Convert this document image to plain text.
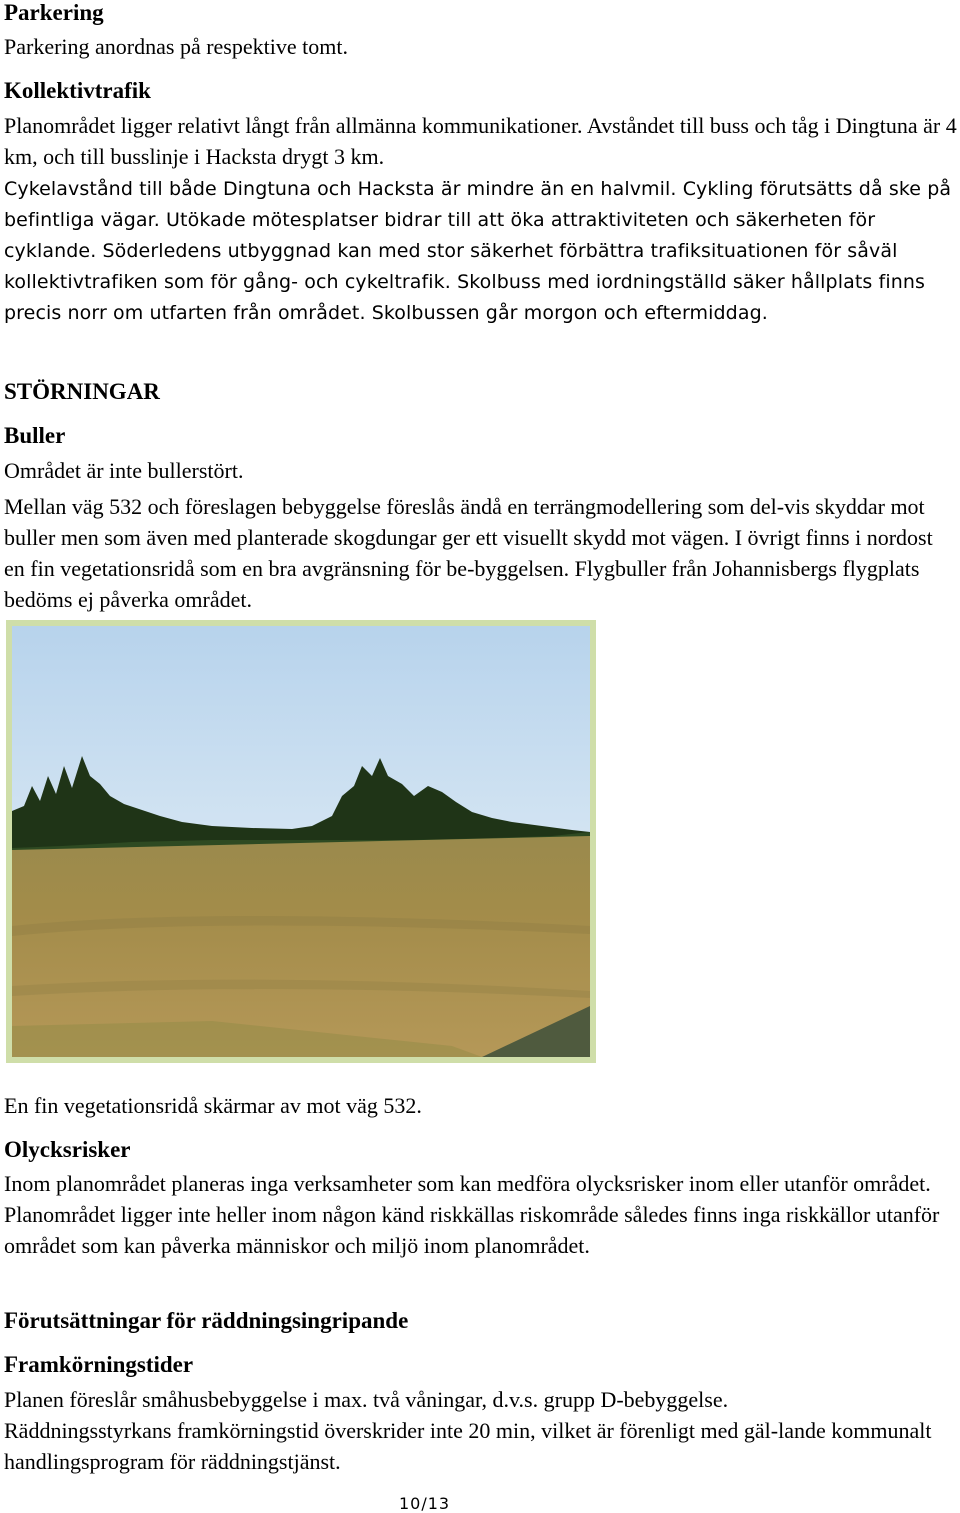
Parkering
Parkering anordnas på respektive tomt.
Kollektivtrafik
Planområdet ligger relativt långt från allmänna kommunikationer. Avståndet till buss och tåg i Dingtuna är 4 km, och till busslinje i Hacksta drygt 3 km.
Cykelavstånd till både Dingtuna och Hacksta är mindre än en halvmil. Cykling förutsätts då ske på befintliga vägar. Utökade mötesplatser bidrar till att öka attraktiviteten och säkerheten för cyklande. Söderledens utbyggnad kan med stor säkerhet förbättra trafiksituationen för såväl kollektivtrafiken som för gång- och cykeltrafik. Skolbuss med iordningställd säker hållplats finns precis norr om utfarten från området. Skolbussen går morgon och eftermiddag.
STÖRNINGAR
Buller
Området är inte bullerstört.
Mellan väg 532 och föreslagen bebyggelse föreslås ändå en terrängmodellering som del-vis skyddar mot buller men som även med planterade skogdungar ger ett visuellt skydd mot vägen. I övrigt finns i nordost en fin vegetationsridå som en bra avgränsning för be-byggelsen. Flygbuller från Johannisbergs flygplats bedöms ej påverka området.
En fin vegetationsridå skärmar av mot väg 532.
Olycksrisker
Inom planområdet planeras inga verksamheter som kan medföra olycksrisker inom eller utanför området. Planområdet ligger inte heller inom någon känd riskkällas riskområde således finns inga riskkällor utanför området som kan påverka människor och miljö inom planområdet.
Förutsättningar för räddningsingripande
Framkörningstider
Planen föreslår småhusbebyggelse i max. två våningar, d.v.s. grupp D-bebyggelse.
Räddningsstyrkans framkörningstid överskrider inte 20 min, vilket är förenligt med gäl-lande kommunalt handlingsprogram för räddningstjänst.
10/13
